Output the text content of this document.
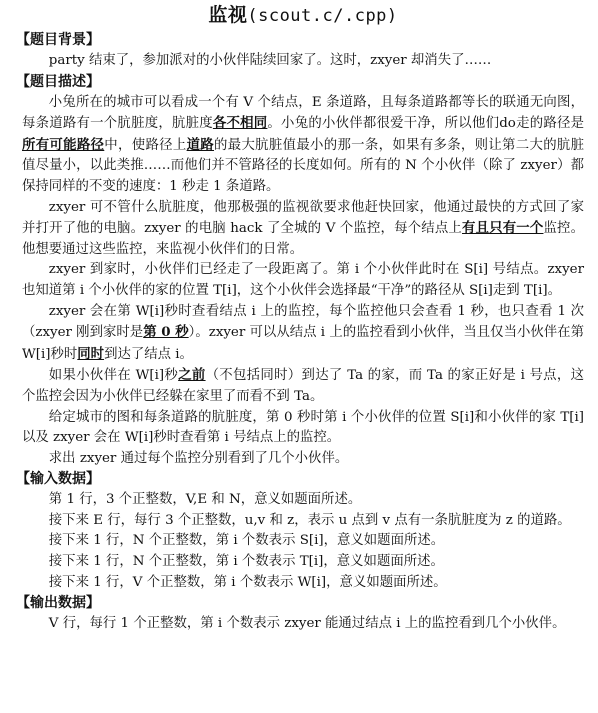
监视(scout.c/.cpp)
【题目背景】

party 结束了，参加派对的小伙伴陆续回家了。这时，zxyer 却消失了……

【题目描述】

小兔所在的城市可以看成一个有 V 个结点，E 条道路，且每条道路都等长的联通无向图，每条道路有一个肮脏度，肮脏度各不相同。小兔的小伙伴都很爱干净，所以他们do走的路径是所有可能路径中，使路径上道路的最大肮脏值最小的那一条，如果有多条，则让第二大的肮脏值尽量小，以此类推……而他们并不管路径的长度如何。所有的 N 个小伙伴（除了 zxyer）都保持同样的不变的速度：1 秒走 1 条道路。

zxyer 可不管什么肮脏度，他那极强的监视欲要求他赶快回家，他通过最快的方式回了家并打开了他的电脑。zxyer 的电脑 hack 了全城的 V 个监控，每个结点上有且只有一个监控。他想要通过这些监控，来监视小伙伴们的日常。

zxyer 到家时，小伙伴们已经走了一段距离了。第 i 个小伙伴此时在 S[i] 号结点。zxyer 也知道第 i 个小伙伴的家的位置 T[i]，这个小伙伴会选择最“干净”的路径从 S[i]走到 T[i]。

zxyer 会在第 W[i]秒时查看结点 i 上的监控，每个监控他只会查看 1 秒，也只查看 1 次（zxyer 刚到家时是第 0 秒）。zxyer 可以从结点 i 上的监控看到小伙伴，当且仅当小伙伴在第 W[i]秒时同时到达了结点 i。

如果小伙伴在 W[i]秒之前（不包括同时）到达了 Ta 的家，而 Ta 的家正好是 i 号点，这个监控会因为小伙伴已经躲在家里了而看不到 Ta。

给定城市的图和每条道路的肮脏度，第 0 秒时第 i 个小伙伴的位置 S[i]和小伙伴的家 T[i]以及 zxyer 会在 W[i]秒时查看第 i 号结点上的监控。

求出 zxyer 通过每个监控分别看到了几个小伙伴。

【输入数据】

第 1 行，3 个正整数，V,E 和 N，意义如题面所述。

接下来 E 行，每行 3 个正整数，u,v 和 z，表示 u 点到 v 点有一条肮脏度为 z 的道路。

接下来 1 行，N 个正整数，第 i 个数表示 S[i]，意义如题面所述。

接下来 1 行，N 个正整数，第 i 个数表示 T[i]，意义如题面所述。

接下来 1 行，V 个正整数，第 i 个数表示 W[i]，意义如题面所述。

【输出数据】

V 行，每行 1 个正整数，第 i 个数表示 zxyer 能通过结点 i 上的监控看到几个小伙伴。
